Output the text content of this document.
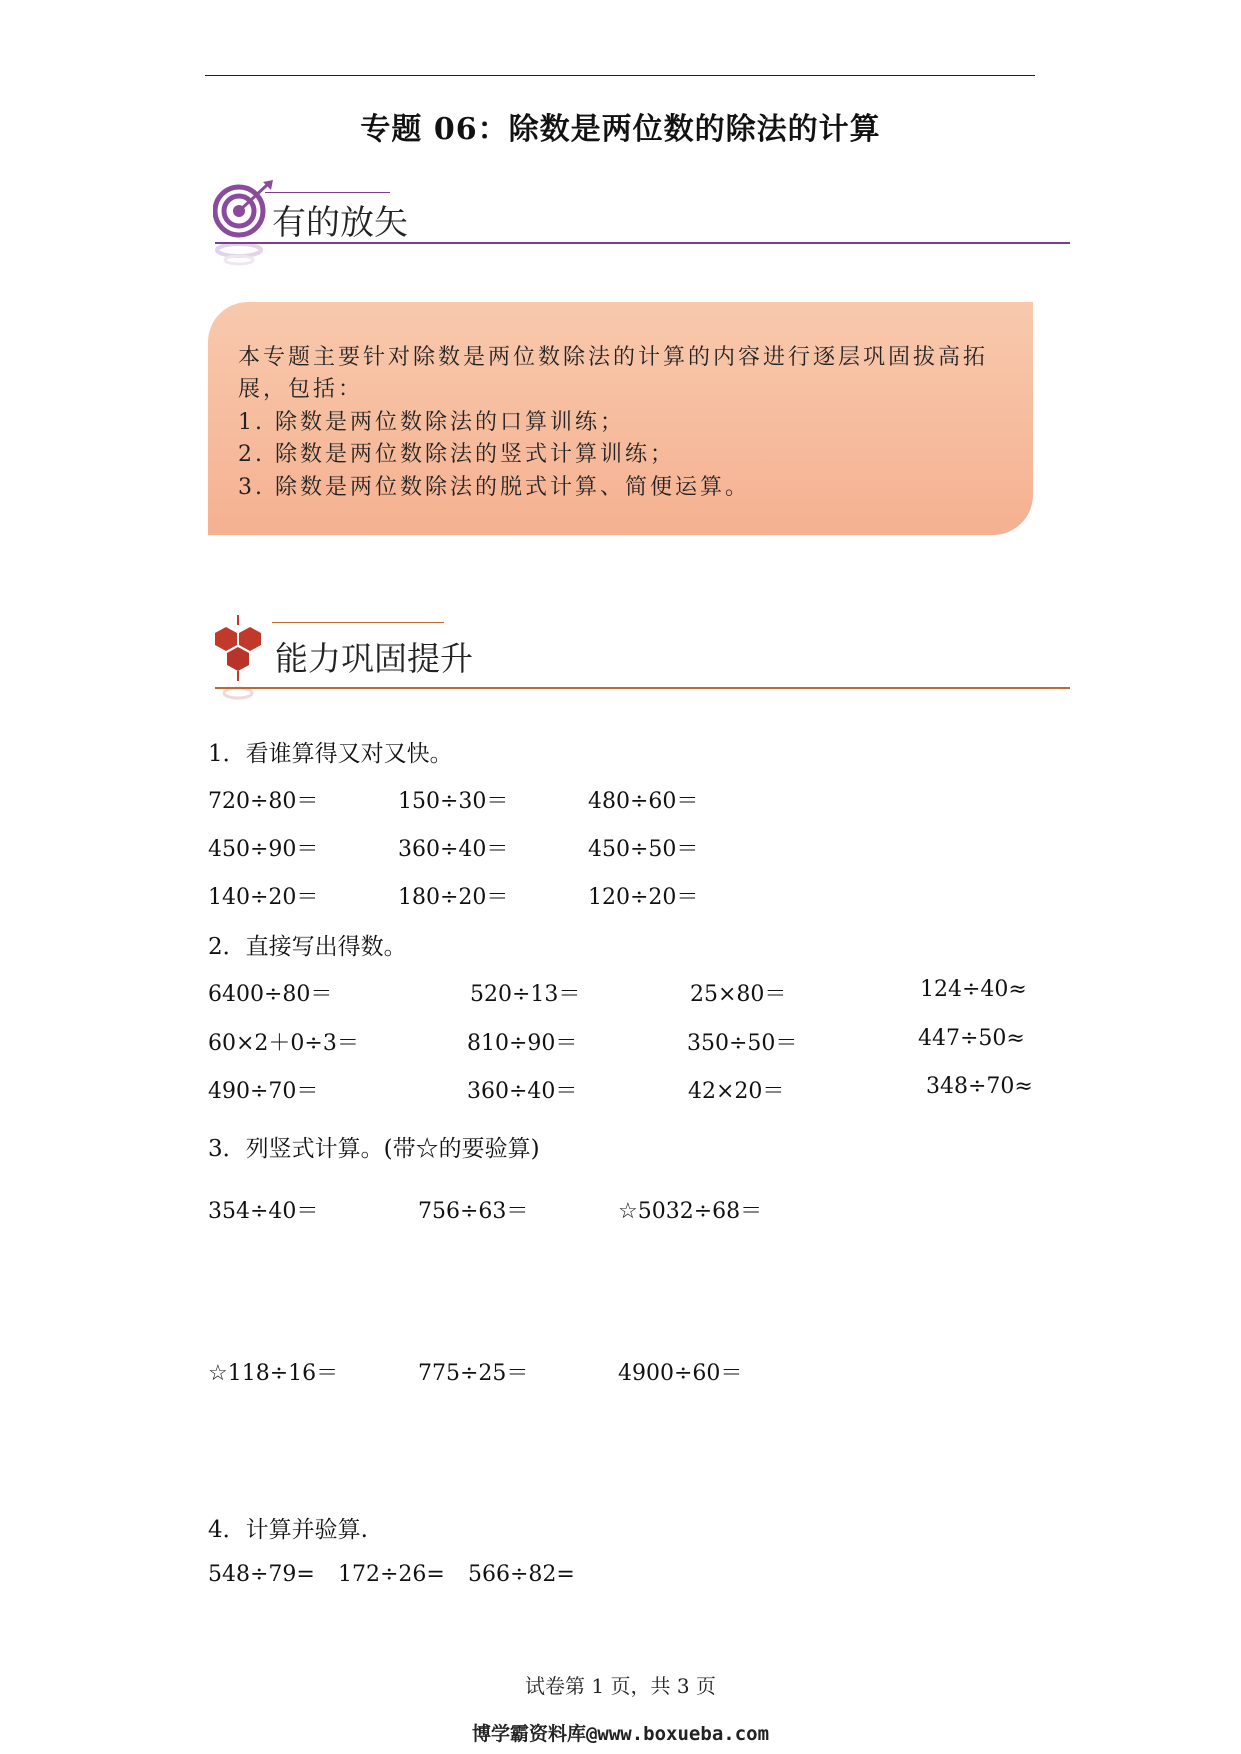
专题 06：除数是两位数的除法的计算
有的放矢
本专题主要针对除数是两位数除法的计算的内容进行逐层巩固拔高拓
展，包括：
1. 除数是两位数除法的口算训练；
2. 除数是两位数除法的竖式计算训练；
3. 除数是两位数除法的脱式计算、简便运算。
能力巩固提升
1．看谁算得又对又快。
720÷80＝	150÷30＝	480÷60＝
450÷90＝	360÷40＝	450÷50＝
140÷20＝	180÷20＝	120÷20＝
2．直接写出得数。
6400÷80＝	520÷13＝	25×80＝	124÷40≈
60×2＋0÷3＝	810÷90＝	350÷50＝	447÷50≈
490÷70＝	360÷40＝	42×20＝	348÷70≈
3．列竖式计算。(带☆的要验算)
354÷40＝	756÷63＝	☆5032÷68＝
☆118÷16＝	775÷25＝	4900÷60＝
4．计算并验算.
548÷79= 172÷26= 566÷82=
试卷第 1 页，共 3 页
博学霸资料库@www.boxueba.com
